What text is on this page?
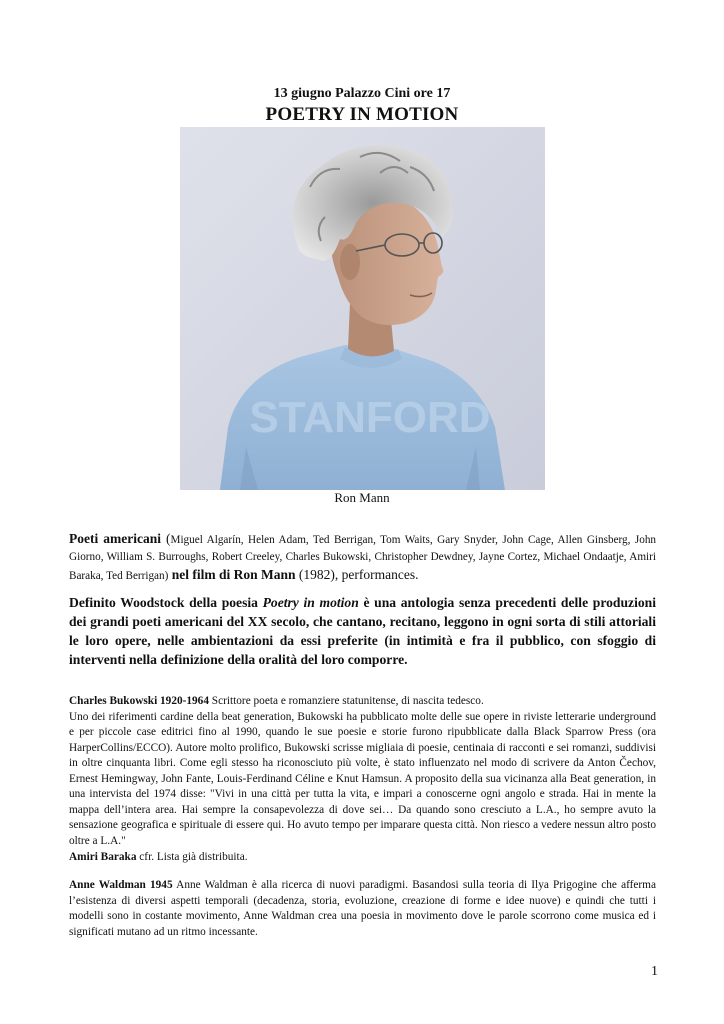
13 giugno Palazzo Cini ore 17
POETRY IN MOTION
STANFORD
Ron Mann
Poeti americani (Miguel Algarín, Helen Adam, Ted Berrigan, Tom Waits, Gary Snyder, John Cage, Allen Ginsberg, John Giorno, William S. Burroughs, Robert Creeley, Charles Bukowski, Christopher Dewdney, Jayne Cortez, Michael Ondaatje, Amiri Baraka, Ted Berrigan) nel film di Ron Mann (1982), performances.
Definito Woodstock della poesia Poetry in motion è una antologia senza precedenti delle produzioni dei grandi poeti americani del XX secolo, che cantano, recitano, leggono in ogni sorta di stili attoriali le loro opere, nelle ambientazioni da essi preferite (in intimità e fra il pubblico, con sfoggio di interventi nella definizione della oralità del loro comporre.
Charles Bukowski 1920-1964 Scrittore poeta e romanziere statunitense, di nascita tedesco.
Uno dei riferimenti cardine della beat generation, Bukowski ha pubblicato molte delle sue opere in riviste letterarie underground e per piccole case editrici fino al 1990, quando le sue poesie e storie furono ripubblicate dalla Black Sparrow Press (ora HarperCollins/ECCO). Autore molto prolifico, Bukowski scrisse migliaia di poesie, centinaia di racconti e sei romanzi, suddivisi in oltre cinquanta libri. Come egli stesso ha riconosciuto più volte, è stato influenzato nel modo di scrivere da Anton Čechov, Ernest Hemingway, John Fante, Louis-Ferdinand Céline e Knut Hamsun. A proposito della sua vicinanza alla Beat generation, in una intervista del 1974 disse: "Vivi in una città per tutta la vita, e impari a conoscerne ogni angolo e strada. Hai in mente la mappa dell’intera area. Hai sempre la consapevolezza di dove sei… Da quando sono cresciuto a L.A., ho sempre avuto la sensazione geografica e spirituale di essere qui. Ho avuto tempo per imparare questa città. Non riesco a vedere nessun altro posto oltre a L.A."
Amiri Baraka cfr. Lista già distribuita.
Anne Waldman 1945 Anne Waldman è alla ricerca di nuovi paradigmi. Basandosi sulla teoria di Ilya Prigogine che afferma l’esistenza di diversi aspetti temporali (decadenza, storia, evoluzione, creazione di forme e idee nuove) e quindi che tutti i modelli sono in costante movimento, Anne Waldman crea una poesia in movimento dove le parole scorrono come musica ed i significati mutano ad un ritmo incessante.
1
